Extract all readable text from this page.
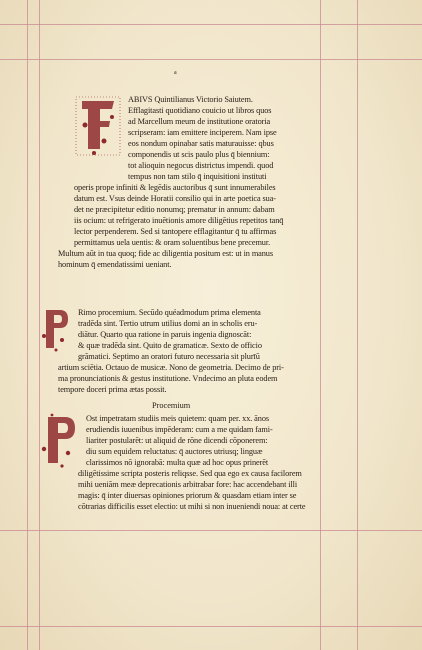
a
ABIVS Quintilianus Victorio Saiutem.
Efflagitasti quotidiano couicio ut libros quos
ad Marcellum meum de institutione oratoria
scripseram: iam emittere inciperem. Nam ipse
eos nondum opinabar satis maturauisse: qbus
componendis ut scis paulo plus q̄ biennium:
tot alioquin negocus districtus impendi. quod
tempus non tam stilo q̄ inquisitioni instituti
operis prope infiniti & legēdis auctoribus q̄ sunt innumerabiles
datum est. Vsus deinde Horatii consilio qui in arte poetica sua-
det ne præcipitetur editio nonumq; prematur in annum: dabam
iis ocium: ut refrigerato inuētionis amore diligētius repetitos tanq̄
lector perpenderem. Sed si tantopere efflagitantur q̄ tu affirmas
permittamus uela uentis: & oram soluentibus bene precemur.
Multum aūt in tua quoq; fide ac diligentia positum est: ut in manus
hominum q̄ emendatissimi ueniant.
Rimo procemium. Secūdo quéadmodum prima elementa
tradēda sint. Tertio utrum utilius domi an in scholis eru-
diātur. Quarto qua ratione in paruis ingenia dignoscāt:
& quæ tradēda sint. Quito de gramaticæ. Sexto de officio
grāmatici. Septimo an oratori futuro necessaria sit plurīū
artium sciētia. Octauo de musicæ. Nono de geometria. Decimo de pri-
ma pronunciationis & gestus institutione. Vndecimo an pluta eodem
tempore doceri prima ætas possit.
Procemium
Ost impetratam studiis meis quietem: quam per. xx. ānos
erudiendis iuuenibus impēderam: cum a me quidam fami-
liariter postularēt: ut aliquid de rōne dicendi cōponerem:
diu sum equidem reluctatus: q̄ auctores utriusq; linguæ
clarissimos nō ignorabā: multa quæ ad hoc opus prinerēt
diligētissime scripta posteris reliqsse. Sed qua ego ex causa facilorem
mihi ueniām meæ deprecationis arbitrabar fore: hac accendebant illi
magis: q̄ inter diuersas opiniones priorum & quasdam etiam inter se
cōtrarias difficilis esset electio: ut mihi si non inueniendi noua: at certe
